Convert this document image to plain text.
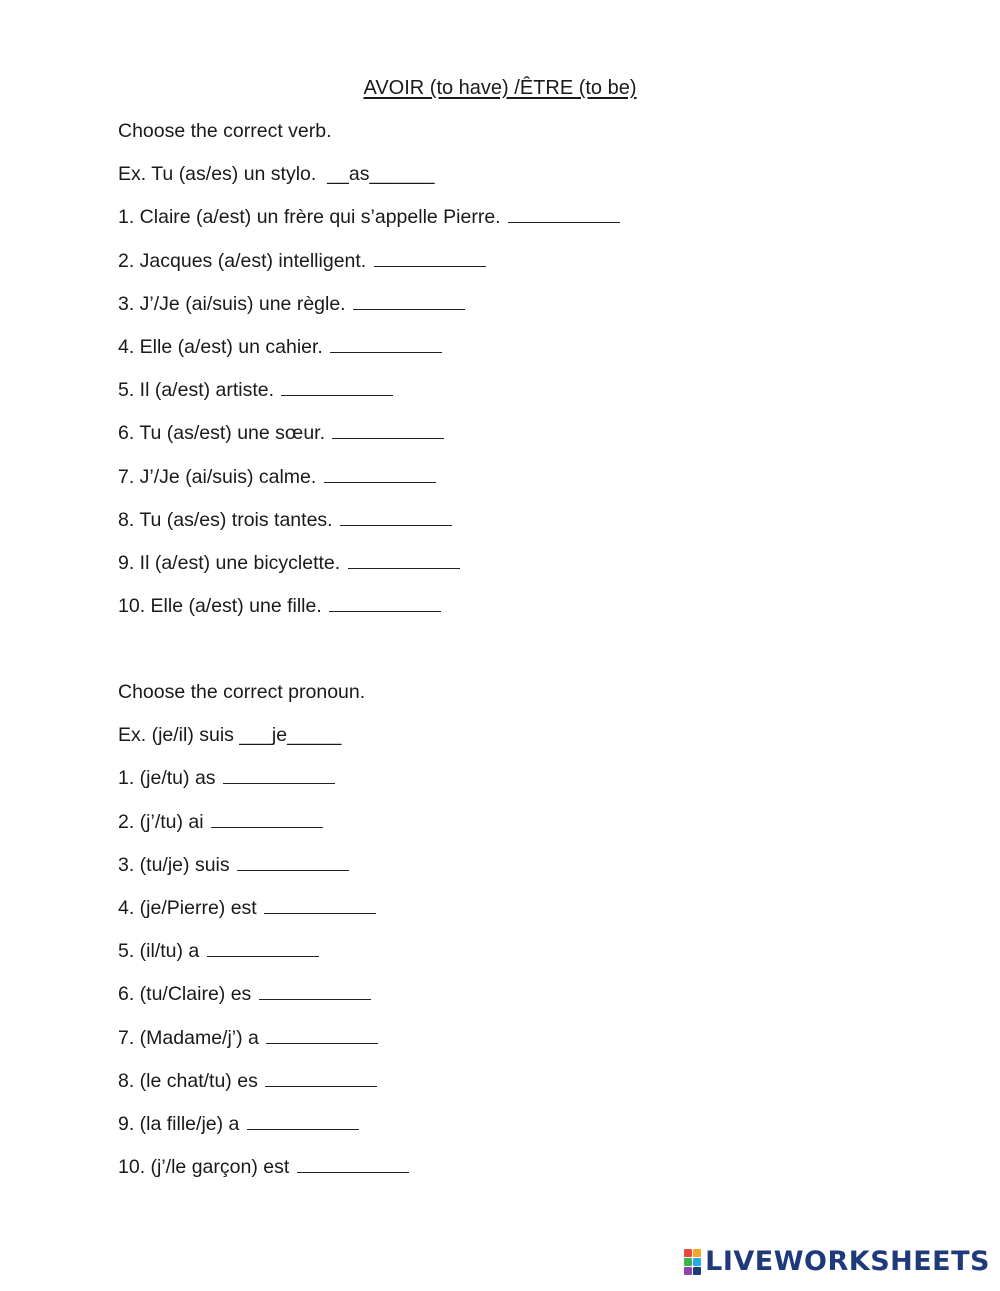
AVOIR (to have) /ÊTRE (to be)
Choose the correct verb.
Ex. Tu (as/es) un stylo.  __as______
1. Claire (a/est) un frère qui s’appelle Pierre.
2. Jacques (a/est) intelligent.
3. J’/Je (ai/suis) une règle.
4. Elle (a/est) un cahier.
5. Il (a/est) artiste.
6. Tu (as/est) une sœur.
7. J’/Je (ai/suis) calme.
8. Tu (as/es) trois tantes.
9. Il (a/est) une bicyclette.
10. Elle (a/est) une fille.
Choose the correct pronoun.
Ex. (je/il) suis ___je_____
1. (je/tu) as
2. (j’/tu) ai
3. (tu/je) suis
4. (je/Pierre) est
5. (il/tu) a
6. (tu/Claire) es
7. (Madame/j’) a
8. (le chat/tu) es
9. (la fille/je) a
10. (j’/le garçon) est
LIVEWORKSHEETS
